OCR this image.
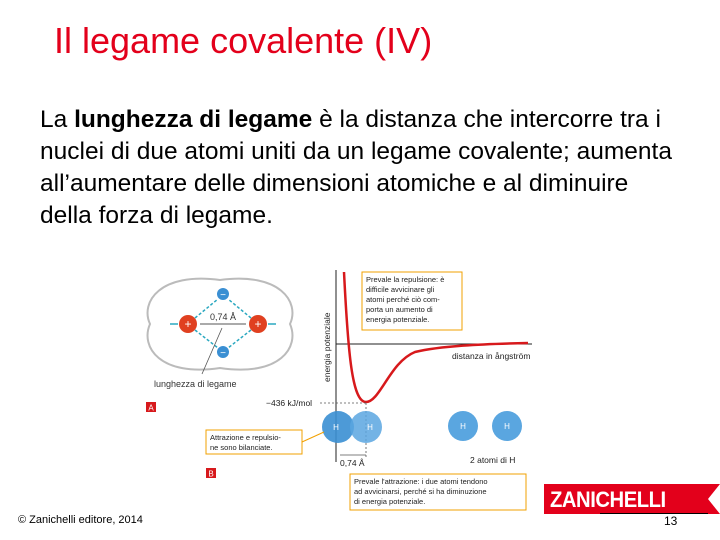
Il legame covalente (IV)
La lunghezza di legame è la distanza che intercorre tra i nuclei di due atomi uniti da un legame covalente; aumenta all’aumentare delle dimensioni atomiche e al diminuire della forza di legame.
+	+
−
−
0,74 Å
lunghezza di legame
A
energia potenziale	distanza in ångström
−436 kJ/mol
0,74 Å
H	H	H	H
2 atomi di H
Prevale la repulsione: è
difficile avvicinare gli
atomi perché ciò com-
porta un aumento di
energia potenziale.
Attrazione e repulsio-
ne sono bilanciate.
Prevale l'attrazione: i due atomi tendono
ad avvicinarsi, perché si ha diminuzione
di energia potenziale.
B
© Zanichelli editore, 2014
ZANICHELLI
13
